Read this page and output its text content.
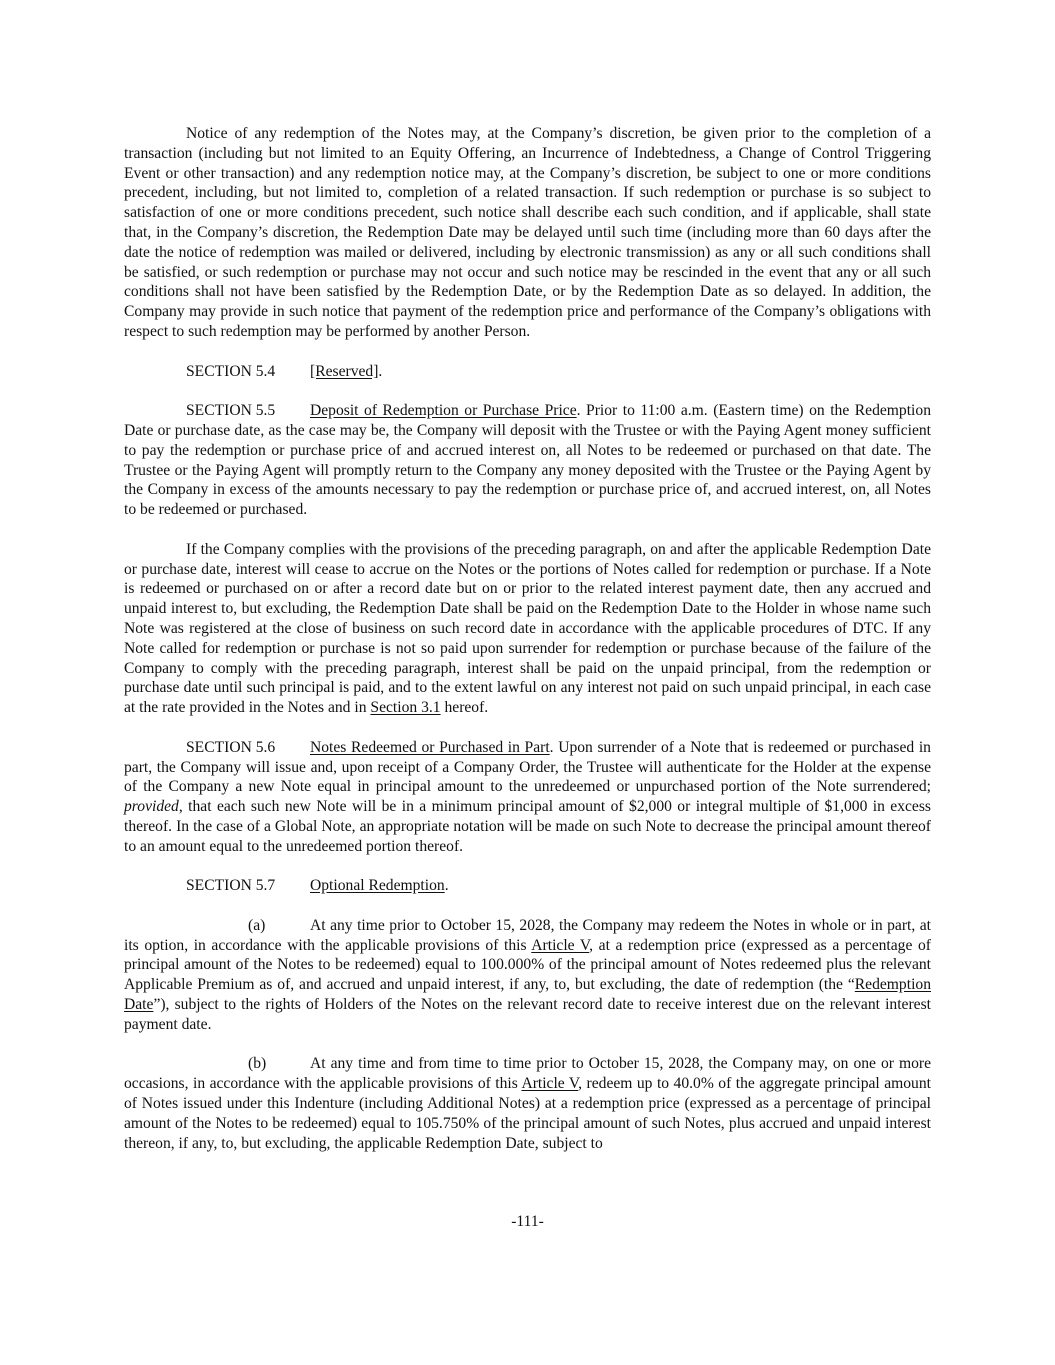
Notice of any redemption of the Notes may, at the Company’s discretion, be given prior to the completion of a transaction (including but not limited to an Equity Offering, an Incurrence of Indebtedness, a Change of Control Triggering Event or other transaction) and any redemption notice may, at the Company’s discretion, be subject to one or more conditions precedent, including, but not limited to, completion of a related transaction. If such redemption or purchase is so subject to satisfaction of one or more conditions precedent, such notice shall describe each such condition, and if applicable, shall state that, in the Company’s discretion, the Redemption Date may be delayed until such time (including more than 60 days after the date the notice of redemption was mailed or delivered, including by electronic transmission) as any or all such conditions shall be satisfied, or such redemption or purchase may not occur and such notice may be rescinded in the event that any or all such conditions shall not have been satisfied by the Redemption Date, or by the Redemption Date as so delayed. In addition, the Company may provide in such notice that payment of the redemption price and performance of the Company’s obligations with respect to such redemption may be performed by another Person.

SECTION 5.4 [Reserved].

SECTION 5.5 Deposit of Redemption or Purchase Price. Prior to 11:00 a.m. (Eastern time) on the Redemption Date or purchase date, as the case may be, the Company will deposit with the Trustee or with the Paying Agent money sufficient to pay the redemption or purchase price of and accrued interest on, all Notes to be redeemed or purchased on that date. The Trustee or the Paying Agent will promptly return to the Company any money deposited with the Trustee or the Paying Agent by the Company in excess of the amounts necessary to pay the redemption or purchase price of, and accrued interest, on, all Notes to be redeemed or purchased.

If the Company complies with the provisions of the preceding paragraph, on and after the applicable Redemption Date or purchase date, interest will cease to accrue on the Notes or the portions of Notes called for redemption or purchase. If a Note is redeemed or purchased on or after a record date but on or prior to the related interest payment date, then any accrued and unpaid interest to, but excluding, the Redemption Date shall be paid on the Redemption Date to the Holder in whose name such Note was registered at the close of business on such record date in accordance with the applicable procedures of DTC. If any Note called for redemption or purchase is not so paid upon surrender for redemption or purchase because of the failure of the Company to comply with the preceding paragraph, interest shall be paid on the unpaid principal, from the redemption or purchase date until such principal is paid, and to the extent lawful on any interest not paid on such unpaid principal, in each case at the rate provided in the Notes and in Section 3.1 hereof.

SECTION 5.6 Notes Redeemed or Purchased in Part. Upon surrender of a Note that is redeemed or purchased in part, the Company will issue and, upon receipt of a Company Order, the Trustee will authenticate for the Holder at the expense of the Company a new Note equal in principal amount to the unredeemed or unpurchased portion of the Note surrendered; provided, that each such new Note will be in a minimum principal amount of $2,000 or integral multiple of $1,000 in excess thereof. In the case of a Global Note, an appropriate notation will be made on such Note to decrease the principal amount thereof to an amount equal to the unredeemed portion thereof.

SECTION 5.7 Optional Redemption.

(a)	At any time prior to October 15, 2028, the Company may redeem the Notes in whole or in part, at its option, in accordance with the applicable provisions of this Article V, at a redemption price (expressed as a percentage of principal amount of the Notes to be redeemed) equal to 100.000% of the principal amount of Notes redeemed plus the relevant Applicable Premium as of, and accrued and unpaid interest, if any, to, but excluding, the date of redemption (the “Redemption Date”), subject to the rights of Holders of the Notes on the relevant record date to receive interest due on the relevant interest payment date.

(b)	At any time and from time to time prior to October 15, 2028, the Company may, on one or more occasions, in accordance with the applicable provisions of this Article V, redeem up to 40.0% of the aggregate principal amount of Notes issued under this Indenture (including Additional Notes) at a redemption price (expressed as a percentage of principal amount of the Notes to be redeemed) equal to 105.750% of the principal amount of such Notes, plus accrued and unpaid interest thereon, if any, to, but excluding, the applicable Redemption Date, subject to

-111-
